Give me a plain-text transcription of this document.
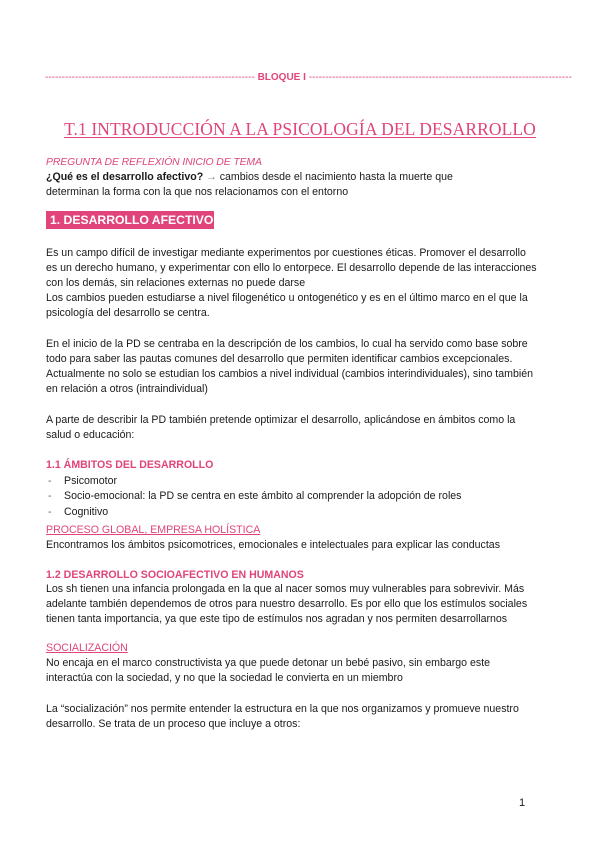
--------------------------------------------------------------- BLOQUE I -------------------------------------------------------------------------------
T.1 INTRODUCCIÓN A LA PSICOLOGÍA DEL DESARROLLO
PREGUNTA DE REFLEXIÓN INICIO DE TEMA
¿Qué es el desarrollo afectivo? → cambios desde el nacimiento hasta la muerte que
determinan la forma con la que nos relacionamos con el entorno
1. DESARROLLO AFECTIVO
Es un campo difícil de investigar mediante experimentos por cuestiones éticas. Promover el desarrollo
es un derecho humano, y experimentar con ello lo entorpece. El desarrollo depende de las interacciones
con los demás, sin relaciones externas no puede darse
Los cambios pueden estudiarse a nivel filogenético u ontogenético y es en el último marco en el que la
psicología del desarrollo se centra.
En el inicio de la PD se centraba en la descripción de los cambios, lo cual ha servido como base sobre
todo para saber las pautas comunes del desarrollo que permiten identificar cambios excepcionales.
Actualmente no solo se estudian los cambios a nivel individual (cambios interindividuales), sino también
en relación a otros (intraindividual)
A parte de describir la PD también pretende optimizar el desarrollo, aplicándose en ámbitos como la
salud o educación:
1.1 ÁMBITOS DEL DESARROLLO
- Psicomotor
- Socio-emocional: la PD se centra en este ámbito al comprender la adopción de roles
- Cognitivo
PROCESO GLOBAL, EMPRESA HOLÍSTICA
Encontramos los ámbitos psicomotrices, emocionales e intelectuales para explicar las conductas
1.2 DESARROLLO SOCIOAFECTIVO EN HUMANOS
Los sh tienen una infancia prolongada en la que al nacer somos muy vulnerables para sobrevivir. Más
adelante también dependemos de otros para nuestro desarrollo. Es por ello que los estímulos sociales
tienen tanta importancia, ya que este tipo de estímulos nos agradan y nos permiten desarrollarnos
SOCIALIZACIÓN
No encaja en el marco constructivista ya que puede detonar un bebé pasivo, sin embargo este
interactúa con la sociedad, y no que la sociedad le convierta en un miembro
La “socialización” nos permite entender la estructura en la que nos organizamos y promueve nuestro
desarrollo. Se trata de un proceso que incluye a otros:
1
